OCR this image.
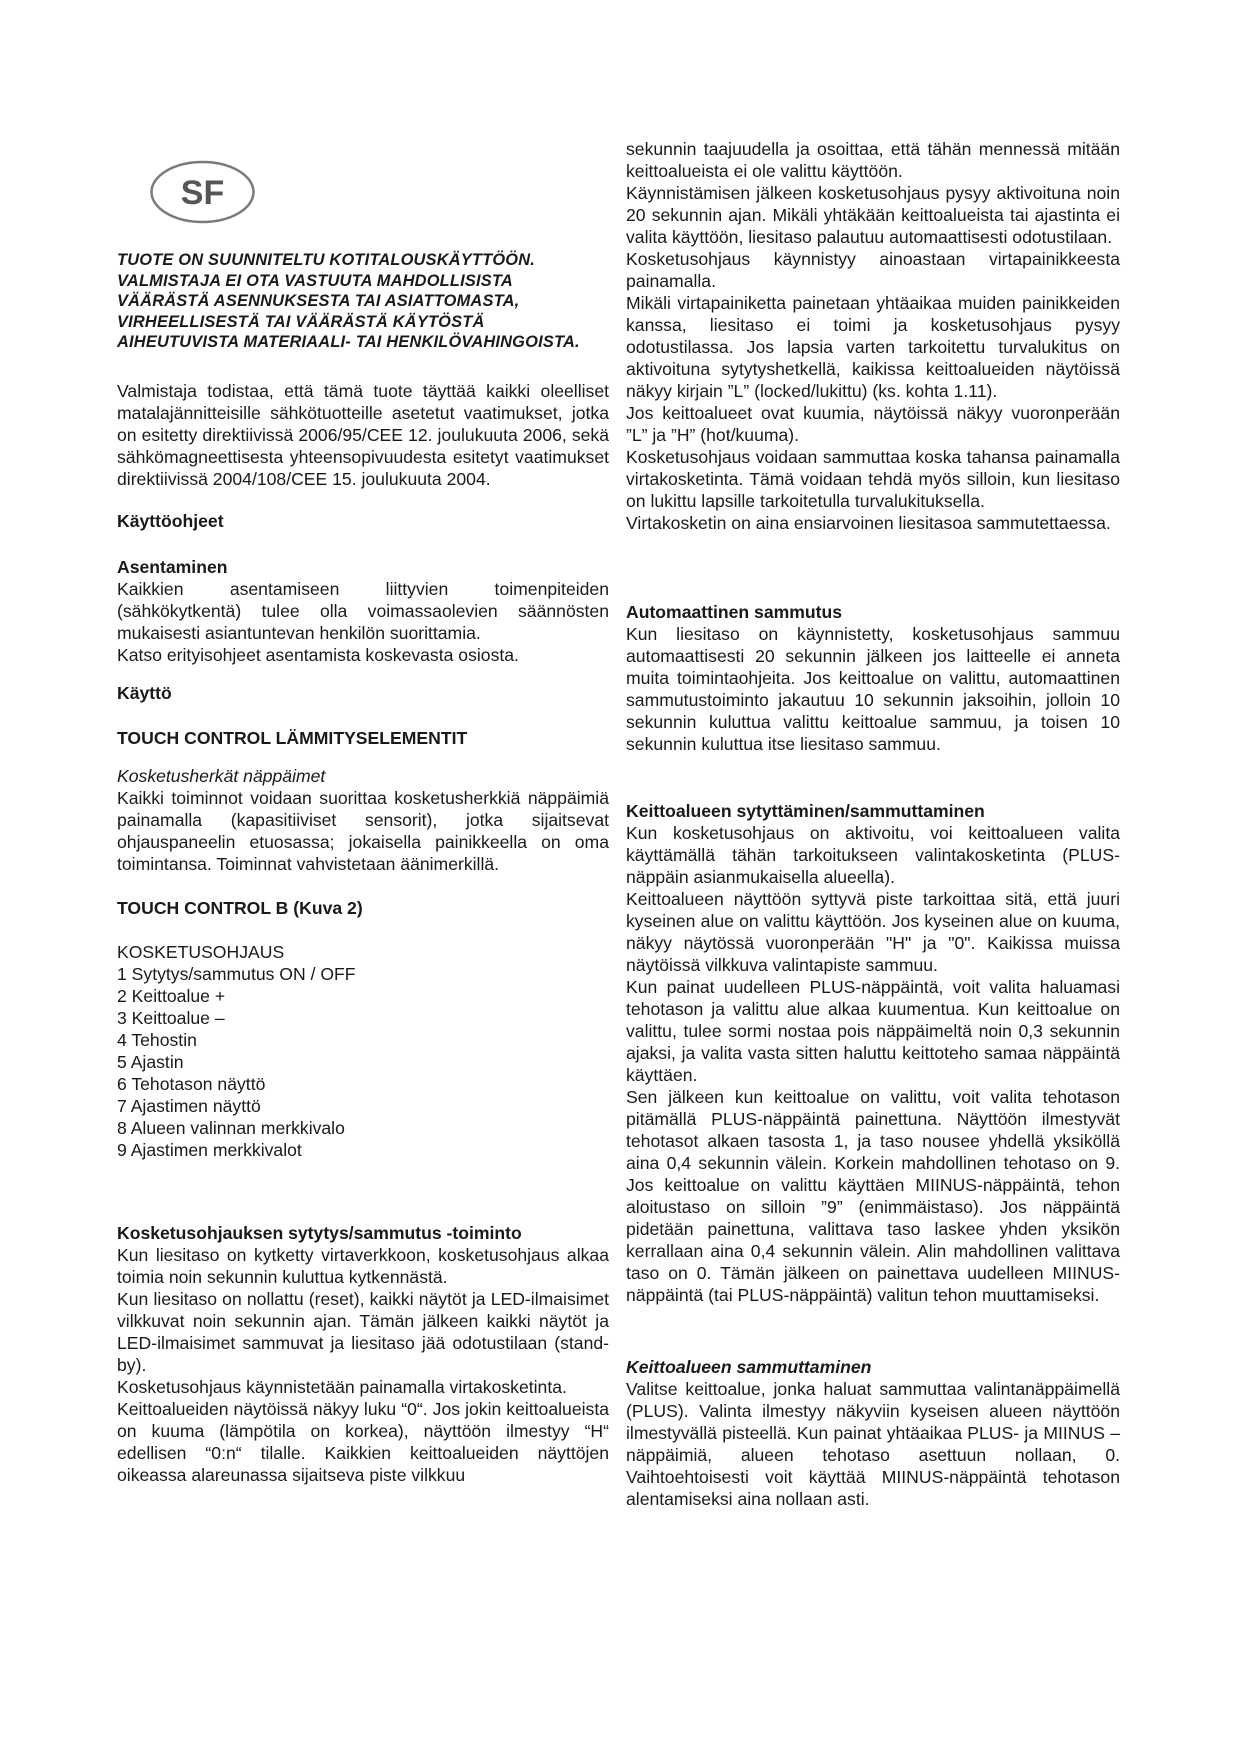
SF

TUOTE ON SUUNNITELTU KOTITALOUSKÄYTTÖÖN.

VALMISTAJA EI OTA VASTUUTA MAHDOLLISISTA

VÄÄRÄSTÄ ASENNUKSESTA TAI ASIATTOMASTA,

VIRHEELLISESTÄ TAI VÄÄRÄSTÄ KÄYTÖSTÄ

AIHEUTUVISTA MATERIAALI- TAI HENKILÖVAHINGOISTA.

Valmistaja todistaa, että tämä tuote täyttää kaikki oleelliset matalajännitteisille sähkötuotteille asetetut vaatimukset, jotka on esitetty direktiivissä 2006/95/CEE 12. joulukuuta 2006, sekä sähkömagneettisesta yhteensopivuudesta esitetyt vaatimukset direktiivissä 2004/108/CEE 15. joulukuuta 2004.

Käyttöohjeet

Asentaminen

Kaikkien asentamiseen liittyvien toimenpiteiden (sähkökytkentä) tulee olla voimassaolevien säännösten mukaisesti asiantuntevan henkilön suorittamia.

Katso erityisohjeet asentamista koskevasta osiosta.

Käyttö

TOUCH CONTROL LÄMMITYSELEMENTIT

Kosketusherkät näppäimet

Kaikki toiminnot voidaan suorittaa kosketusherkkiä näppäimiä painamalla (kapasitiiviset sensorit), jotka sijaitsevat ohjauspaneelin etuosassa; jokaisella painikkeella on oma toimintansa. Toiminnat vahvistetaan äänimerkillä.

TOUCH CONTROL B (Kuva 2)

KOSKETUSOHJAUS

1 Sytytys/sammutus ON / OFF
2 Keittoalue +
3 Keittoalue –
4 Tehostin
5 Ajastin
6 Tehotason näyttö
7 Ajastimen näyttö
8 Alueen valinnan merkkivalo
9 Ajastimen merkkivalot

Kosketusohjauksen sytytys/sammutus -toiminto

Kun liesitaso on kytketty virtaverkkoon, kosketusohjaus alkaa toimia noin sekunnin kuluttua kytkennästä.

Kun liesitaso on nollattu (reset), kaikki näytöt ja LED-ilmaisimet vilkkuvat noin sekunnin ajan. Tämän jälkeen kaikki näytöt ja LED-ilmaisimet sammuvat ja liesitaso jää odotustilaan (stand-by).

Kosketusohjaus käynnistetään painamalla virtakosketinta.

Keittoalueiden näytöissä näkyy luku “0“. Jos jokin keittoalueista on kuuma (lämpötila on korkea), näyttöön ilmestyy “H“ edellisen “0:n“ tilalle. Kaikkien keittoalueiden näyttöjen oikeassa alareunassa sijaitseva piste vilkkuu

sekunnin taajuudella ja osoittaa, että tähän mennessä mitään keittoalueista ei ole valittu käyttöön.

Käynnistämisen jälkeen kosketusohjaus pysyy aktivoituna noin 20 sekunnin ajan. Mikäli yhtäkään keittoalueista tai ajastinta ei valita käyttöön, liesitaso palautuu automaattisesti odotustilaan.

Kosketusohjaus käynnistyy ainoastaan virtapainikkeesta painamalla.

Mikäli virtapainiketta painetaan yhtäaikaa muiden painikkeiden kanssa, liesitaso ei toimi ja kosketusohjaus pysyy odotustilassa. Jos lapsia varten tarkoitettu turvalukitus on aktivoituna sytytyshetkellä, kaikissa keittoalueiden näytöissä näkyy kirjain ”L” (locked/lukittu) (ks. kohta 1.11).

Jos keittoalueet ovat kuumia, näytöissä näkyy vuoronperään ”L” ja ”H” (hot/kuuma).

Kosketusohjaus voidaan sammuttaa koska tahansa painamalla virtakosketinta. Tämä voidaan tehdä myös silloin, kun liesitaso on lukittu lapsille tarkoitetulla turvalukituksella.

Virtakosketin on aina ensiarvoinen liesitasoa sammutettaessa.

Automaattinen sammutus

Kun liesitaso on käynnistetty, kosketusohjaus sammuu automaattisesti 20 sekunnin jälkeen jos laitteelle ei anneta muita toimintaohjeita. Jos keittoalue on valittu, automaattinen sammutustoiminto jakautuu 10 sekunnin jaksoihin, jolloin 10 sekunnin kuluttua valittu keittoalue sammuu, ja toisen 10 sekunnin kuluttua itse liesitaso sammuu.

Keittoalueen sytyttäminen/sammuttaminen

Kun kosketusohjaus on aktivoitu, voi keittoalueen valita käyttämällä tähän tarkoitukseen valintakosketinta (PLUS-näppäin asianmukaisella alueella).

Keittoalueen näyttöön syttyvä piste tarkoittaa sitä, että juuri kyseinen alue on valittu käyttöön. Jos kyseinen alue on kuuma, näkyy näytössä vuoronperään "H" ja "0". Kaikissa muissa näytöissä vilkkuva valintapiste sammuu.

Kun painat uudelleen PLUS-näppäintä, voit valita haluamasi tehotason ja valittu alue alkaa kuumentua. Kun keittoalue on valittu, tulee sormi nostaa pois näppäimeltä noin 0,3 sekunnin ajaksi, ja valita vasta sitten haluttu keittoteho samaa näppäintä käyttäen.

Sen jälkeen kun keittoalue on valittu, voit valita tehotason pitämällä PLUS-näppäintä painettuna. Näyttöön ilmestyvät tehotasot alkaen tasosta 1, ja taso nousee yhdellä yksiköllä aina 0,4 sekunnin välein. Korkein mahdollinen tehotaso on 9. Jos keittoalue on valittu käyttäen MIINUS-näppäintä, tehon aloitustaso on silloin ”9” (enimmäistaso). Jos näppäintä pidetään painettuna, valittava taso laskee yhden yksikön kerrallaan aina 0,4 sekunnin välein. Alin mahdollinen valittava taso on 0. Tämän jälkeen on painettava uudelleen MIINUS-näppäintä (tai PLUS-näppäintä) valitun tehon muuttamiseksi.

Keittoalueen sammuttaminen

Valitse keittoalue, jonka haluat sammuttaa valintanäppäimellä (PLUS). Valinta ilmestyy näkyviin kyseisen alueen näyttöön ilmestyvällä pisteellä. Kun painat yhtäaikaa PLUS- ja MIINUS –näppäimiä, alueen tehotaso asettuun nollaan, 0. Vaihtoehtoisesti voit käyttää MIINUS-näppäintä tehotason alentamiseksi aina nollaan asti.
